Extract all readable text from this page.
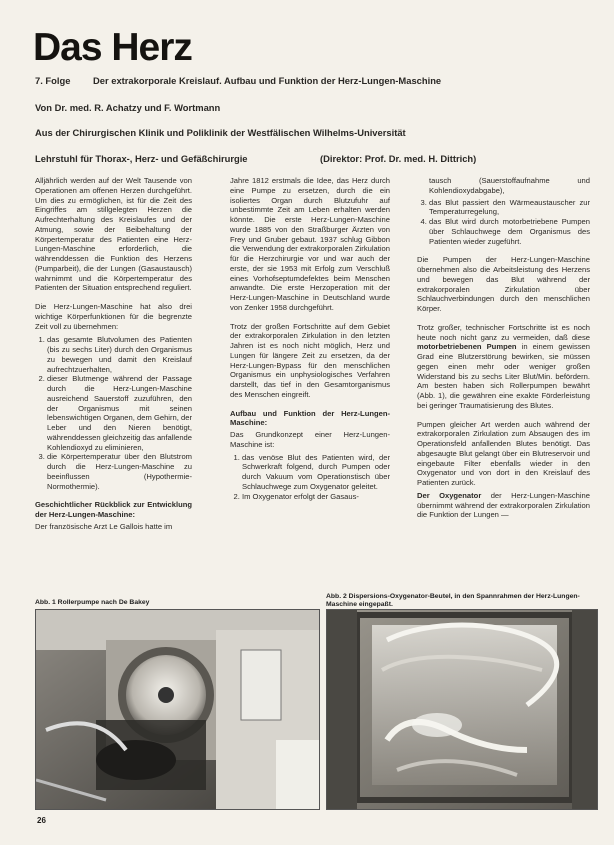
Das Herz
7. Folge Der extrakorporale Kreislauf. Aufbau und Funktion der Herz-Lungen-Maschine
Von Dr. med. R. Achatzy und F. Wortmann
Aus der Chirurgischen Klinik und Poliklinik der Westfälischen Wilhelms-Universität
Lehrstuhl für Thorax-, Herz- und Gefäßchirurgie	(Direktor: Prof. Dr. med. H. Dittrich)

Alljährlich werden auf der Welt Tausende von Operationen am offenen Herzen durchgeführt. Um dies zu ermöglichen, ist für die Zeit des Eingriffes am stillgelegten Herzen die Aufrechterhaltung des Kreislaufes und der Atmung, sowie der Beibehaltung der Körpertemperatur des Patienten eine Herz-Lungen-Maschine erforderlich, die währenddessen die Funktion des Herzens (Pumparbeit), die der Lungen (Gasaustausch) wahrnimmt und die Körpertemperatur des Patienten der Situation entsprechend reguliert.

Die Herz-Lungen-Maschine hat also drei wichtige Körperfunktionen für die begrenzte Zeit voll zu übernehmen:

1. das gesamte Blutvolumen des Patienten (bis zu sechs Liter) durch den Organismus zu bewegen und damit den Kreislauf aufrechtzuerhalten,
2. dieser Blutmenge während der Passage durch die Herz-Lungen-Maschine ausreichend Sauerstoff zuzuführen, den der Organismus mit seinen lebenswichtigen Organen, dem Gehirn, der Leber und den Nieren benötigt, währenddessen gleichzeitig das anfallende Kohlendioxyd zu eliminieren,
3. die Körpertemperatur über den Blutstrom durch die Herz-Lungen-Maschine zu beeinflussen (Hypothermie-Normothermie).
Geschichtlicher Rückblick zur Entwicklung der Herz-Lungen-Maschine:

Der französische Arzt Le Gallois hatte im

Jahre 1812 erstmals die Idee, das Herz durch eine Pumpe zu ersetzen, durch die ein isoliertes Organ durch Blutzufuhr auf unbestimmte Zeit am Leben erhalten werden könnte. Die erste Herz-Lungen-Maschine wurde 1885 von den Straßburger Ärzten von Frey und Gruber gebaut. 1937 schlug Gibbon die Verwendung der extrakorporalen Zirkulation für die Herzchirurgie vor und war auch der erste, der sie 1953 mit Erfolg zum Verschluß eines Vorhofseptumdefektes beim Menschen anwandte. Die erste Herzoperation mit der Herz-Lungen-Maschine in Deutschland wurde von Zenker 1958 durchgeführt.

Trotz der großen Fortschritte auf dem Gebiet der extrakorporalen Zirkulation in den letzten Jahren ist es noch nicht möglich, Herz und Lungen für längere Zeit zu ersetzen, da der Herz-Lungen-Bypass für den menschlichen Organismus ein unphysiologisches Verfahren darstellt, das tief in den Gesamtorganismus des Menschen eingreift.

Aufbau und Funktion der Herz-Lungen-Maschine:

Das Grundkonzept einer Herz-Lungen-Maschine ist:

1. das venöse Blut des Patienten wird, der Schwerkraft folgend, durch Pumpen oder durch Vakuum vom Operationstisch über Schlauchwege zum Oxygenator geleitet.
2. Im Oxygenator erfolgt der Gasaus-
tausch (Sauerstoffaufnahme und Kohlendioxydabgabe),
3. das Blut passiert den Wärmeaustauscher zur Temperaturregelung,
4. das Blut wird durch motorbetriebene Pumpen über Schlauchwege dem Organismus des Patienten wieder zugeführt.

Die Pumpen der Herz-Lungen-Maschine übernehmen also die Arbeitsleistung des Herzens und bewegen das Blut während der extrakorporalen Zirkulation über Schlauchverbindungen durch den menschlichen Körper.

Trotz großer, technischer Fortschritte ist es noch heute noch nicht ganz zu vermeiden, daß diese motorbetriebenen Pumpen in einem gewissen Grad eine Blutzerstörung bewirken, sie müssen gegen einen mehr oder weniger großen Widerstand bis zu sechs Liter Blut/Min. befördern. Am besten haben sich Rollerpumpen bewährt (Abb. 1), die gewähren eine exakte Förderleistung bei geringer Traumatisierung des Blutes.

Pumpen gleicher Art werden auch während der extrakorporalen Zirkulation zum Absaugen des im Operationsfeld anfallenden Blutes benötigt. Das abgesaugte Blut gelangt über ein Blutreservoir und eingebaute Filter ebenfalls wieder in den Oxygenator und von dort in den Kreislauf des Patienten zurück.

Der Oxygenator der Herz-Lungen-Maschine übernimmt während der extrakorporalen Zirkulation die Funktion der Lungen —

Abb. 1 Rollerpumpe nach De Bakey
Abb. 2 Dispersions-Oxygenator-Beutel, in den Spannrahmen der Herz-Lungen-Maschine eingepaßt.
26
